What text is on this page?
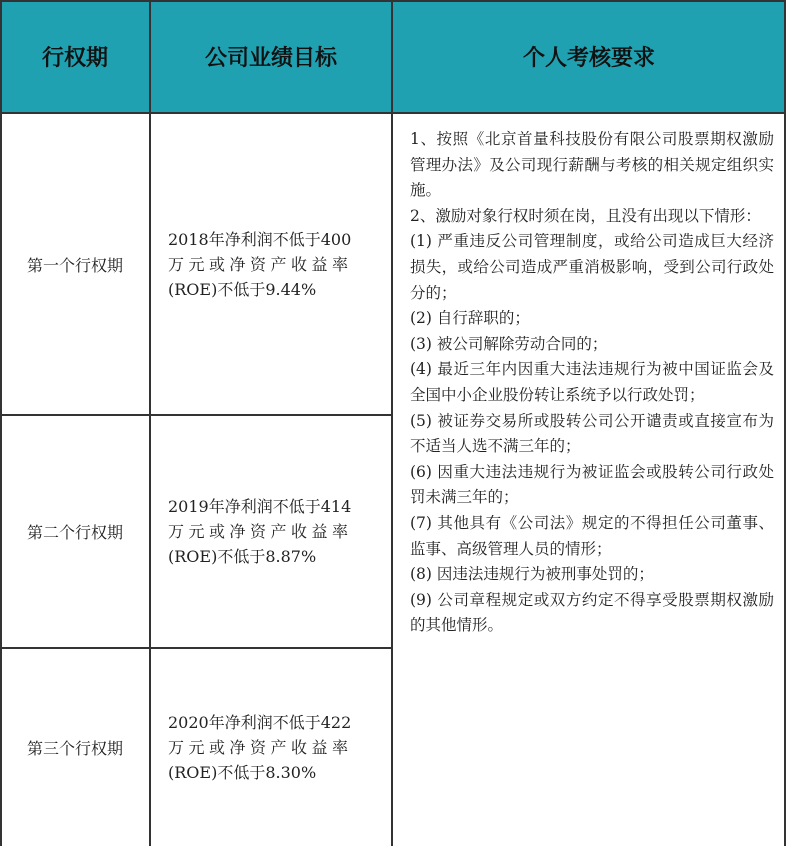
行权期	公司业绩目标	个人考核要求
第一个行权期
2018年净利润不低于400
万元或净资产收益率
(ROE)不低于9.44%
第二个行权期
2019年净利润不低于414
万元或净资产收益率
(ROE)不低于8.87%
第三个行权期
2020年净利润不低于422
万元或净资产收益率
(ROE)不低于8.30%
1、按照《北京首量科技股份有限公司股票期权激励管理办法》及公司现行薪酬与考核的相关规定组织实施。
2、激励对象行权时须在岗，且没有出现以下情形：
(1) 严重违反公司管理制度，或给公司造成巨大经济损失，或给公司造成严重消极影响，受到公司行政处分的；
(2) 自行辞职的；
(3) 被公司解除劳动合同的；
(4) 最近三年内因重大违法违规行为被中国证监会及全国中小企业股份转让系统予以行政处罚；
(5) 被证券交易所或股转公司公开谴责或直接宣布为不适当人选不满三年的；
(6) 因重大违法违规行为被证监会或股转公司行政处罚未满三年的；
(7) 其他具有《公司法》规定的不得担任公司董事、监事、高级管理人员的情形；
(8) 因违法违规行为被刑事处罚的；
(9) 公司章程规定或双方约定不得享受股票期权激励的其他情形。
